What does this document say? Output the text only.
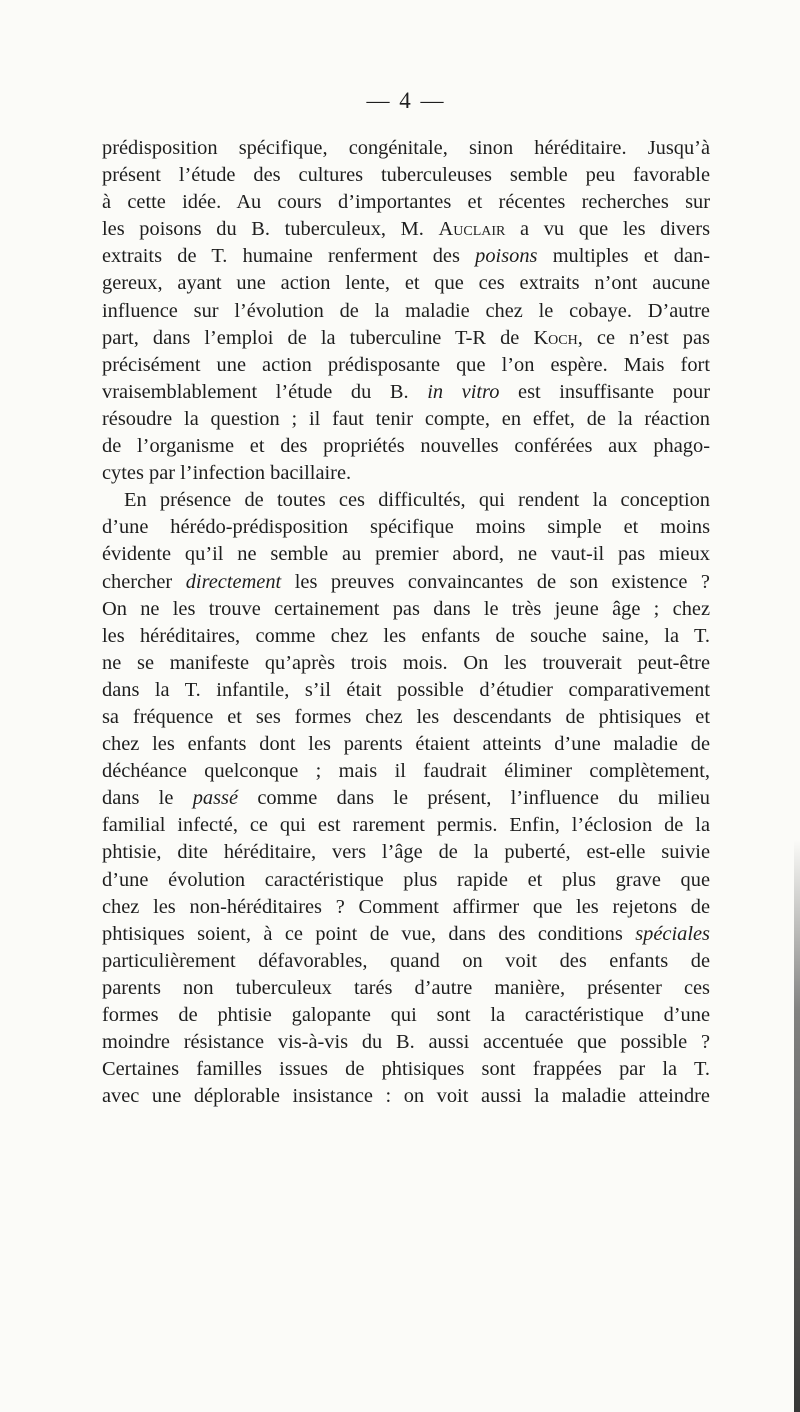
— 4 —
prédisposition spécifique, congénitale, sinon héréditaire. Jusqu’à
présent l’étude des cultures tuberculeuses semble peu favorable
à cette idée. Au cours d’importantes et récentes recherches sur
les poisons du B. tuberculeux, M. Auclair a vu que les divers
extraits de T. humaine renferment des poisons multiples et dan-
gereux, ayant une action lente, et que ces extraits n’ont aucune
influence sur l’évolution de la maladie chez le cobaye. D’autre
part, dans l’emploi de la tuberculine T-R de Koch, ce n’est pas
précisément une action prédisposante que l’on espère. Mais fort
vraisemblablement l’étude du B. in vitro est insuffisante pour
résoudre la question ; il faut tenir compte, en effet, de la réaction
de l’organisme et des propriétés nouvelles conférées aux phago-
cytes par l’infection bacillaire.
En présence de toutes ces difficultés, qui rendent la conception
d’une hérédo-prédisposition spécifique moins simple et moins
évidente qu’il ne semble au premier abord, ne vaut-il pas mieux
chercher directement les preuves convaincantes de son existence ?
On ne les trouve certainement pas dans le très jeune âge ; chez
les héréditaires, comme chez les enfants de souche saine, la T.
ne se manifeste qu’après trois mois. On les trouverait peut-être
dans la T. infantile, s’il était possible d’étudier comparativement
sa fréquence et ses formes chez les descendants de phtisiques et
chez les enfants dont les parents étaient atteints d’une maladie de
déchéance quelconque ; mais il faudrait éliminer complètement,
dans le passé comme dans le présent, l’influence du milieu
familial infecté, ce qui est rarement permis. Enfin, l’éclosion de la
phtisie, dite héréditaire, vers l’âge de la puberté, est-elle suivie
d’une évolution caractéristique plus rapide et plus grave que
chez les non-héréditaires ? Comment affirmer que les rejetons de
phtisiques soient, à ce point de vue, dans des conditions spéciales
particulièrement défavorables, quand on voit des enfants de
parents non tuberculeux tarés d’autre manière, présenter ces
formes de phtisie galopante qui sont la caractéristique d’une
moindre résistance vis-à-vis du B. aussi accentuée que possible ?
Certaines familles issues de phtisiques sont frappées par la T.
avec une déplorable insistance : on voit aussi la maladie atteindre
